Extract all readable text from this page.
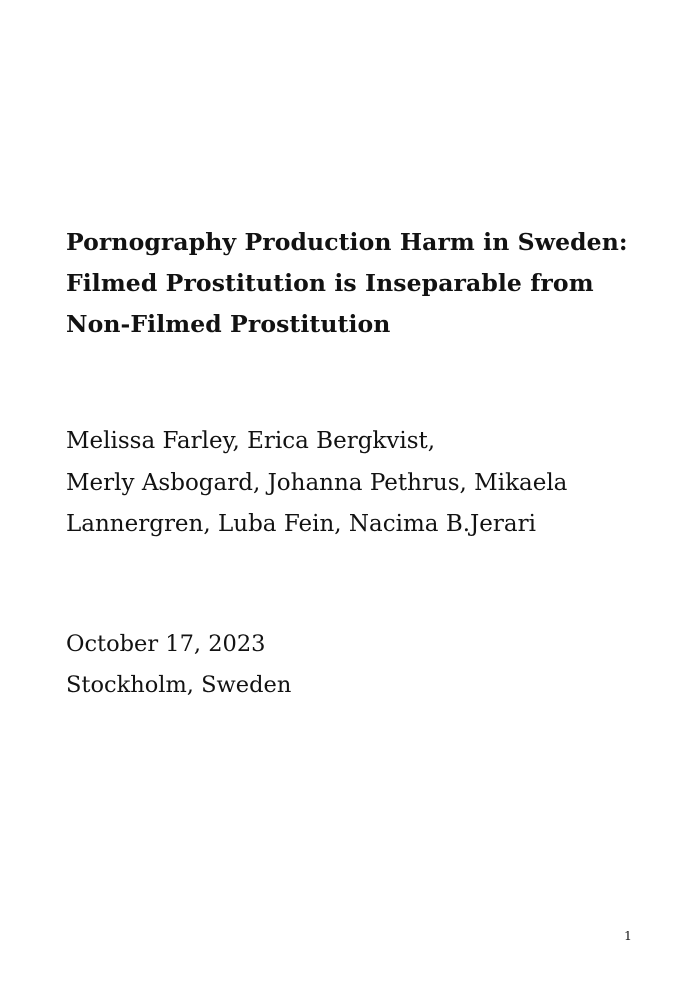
Pornography Production Harm in Sweden: Filmed Prostitution is Inseparable from Non-Filmed Prostitution
Melissa Farley, Erica Bergkvist,
Merly Asbogard, Johanna Pethrus, Mikaela
Lannergren, Luba Fein, Nacima B.Jerari
October 17, 2023
Stockholm, Sweden
1
